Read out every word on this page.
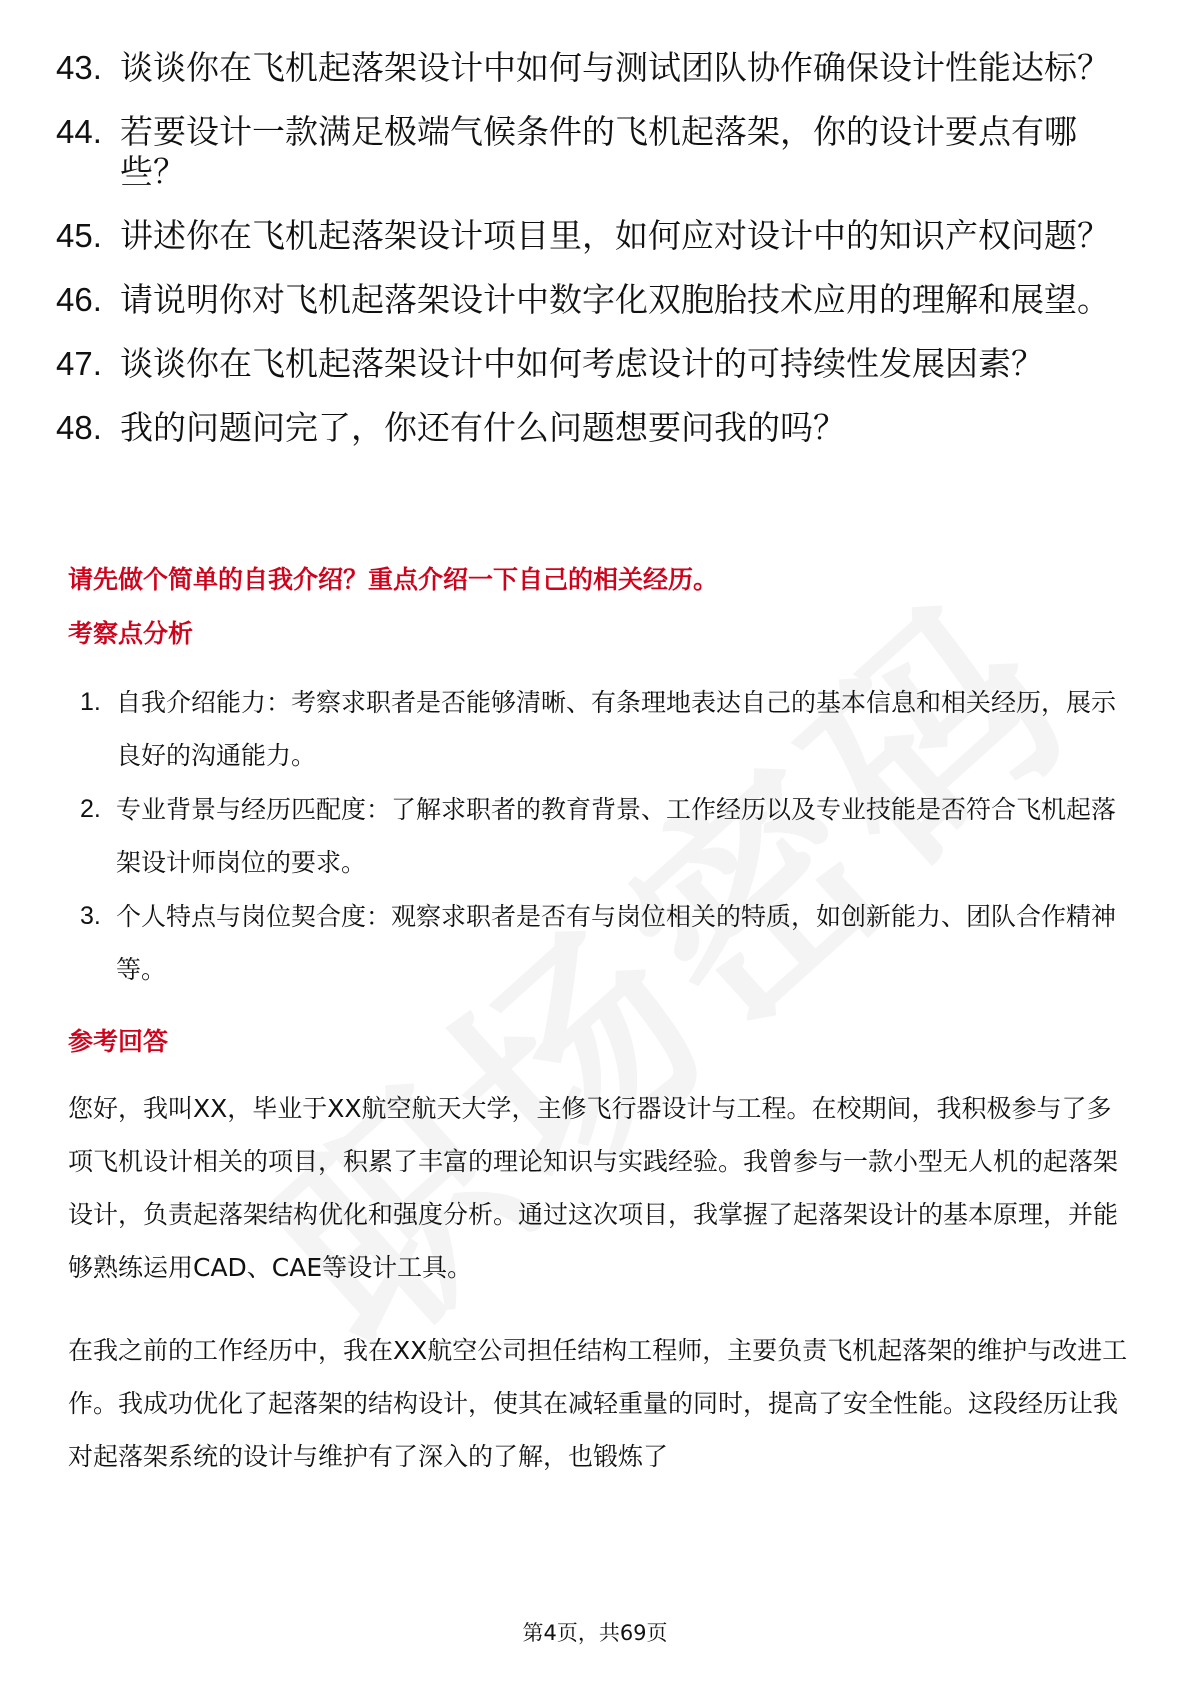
43. 谈谈你在飞机起落架设计中如何与测试团队协作确保设计性能达标？
44. 若要设计一款满足极端气候条件的飞机起落架，你的设计要点有哪些？
45. 讲述你在飞机起落架设计项目里，如何应对设计中的知识产权问题？
46. 请说明你对飞机起落架设计中数字化双胞胎技术应用的理解和展望。
47. 谈谈你在飞机起落架设计中如何考虑设计的可持续性发展因素？
48. 我的问题问完了，你还有什么问题想要问我的吗？
请先做个简单的自我介绍？重点介绍一下自己的相关经历。
考察点分析
1. 自我介绍能力：考察求职者是否能够清晰、有条理地表达自己的基本信息和相关经历，展示良好的沟通能力。
2. 专业背景与经历匹配度：了解求职者的教育背景、工作经历以及专业技能是否符合飞机起落架设计师岗位的要求。
3. 个人特点与岗位契合度：观察求职者是否有与岗位相关的特质，如创新能力、团队合作精神等。
参考回答

您好，我叫XX，毕业于XX航空航天大学，主修飞行器设计与工程。在校期间，我积极参与了多项飞机设计相关的项目，积累了丰富的理论知识与实践经验。我曾参与一款小型无人机的起落架设计，负责起落架结构优化和强度分析。通过这次项目，我掌握了起落架设计的基本原理，并能够熟练运用CAD、CAE等设计工具。

在我之前的工作经历中，我在XX航空公司担任结构工程师，主要负责飞机起落架的维护与改进工作。我成功优化了起落架的结构设计，使其在减轻重量的同时，提高了安全性能。这段经历让我对起落架系统的设计与维护有了深入的了解，也锻炼了

第4页，共69页
